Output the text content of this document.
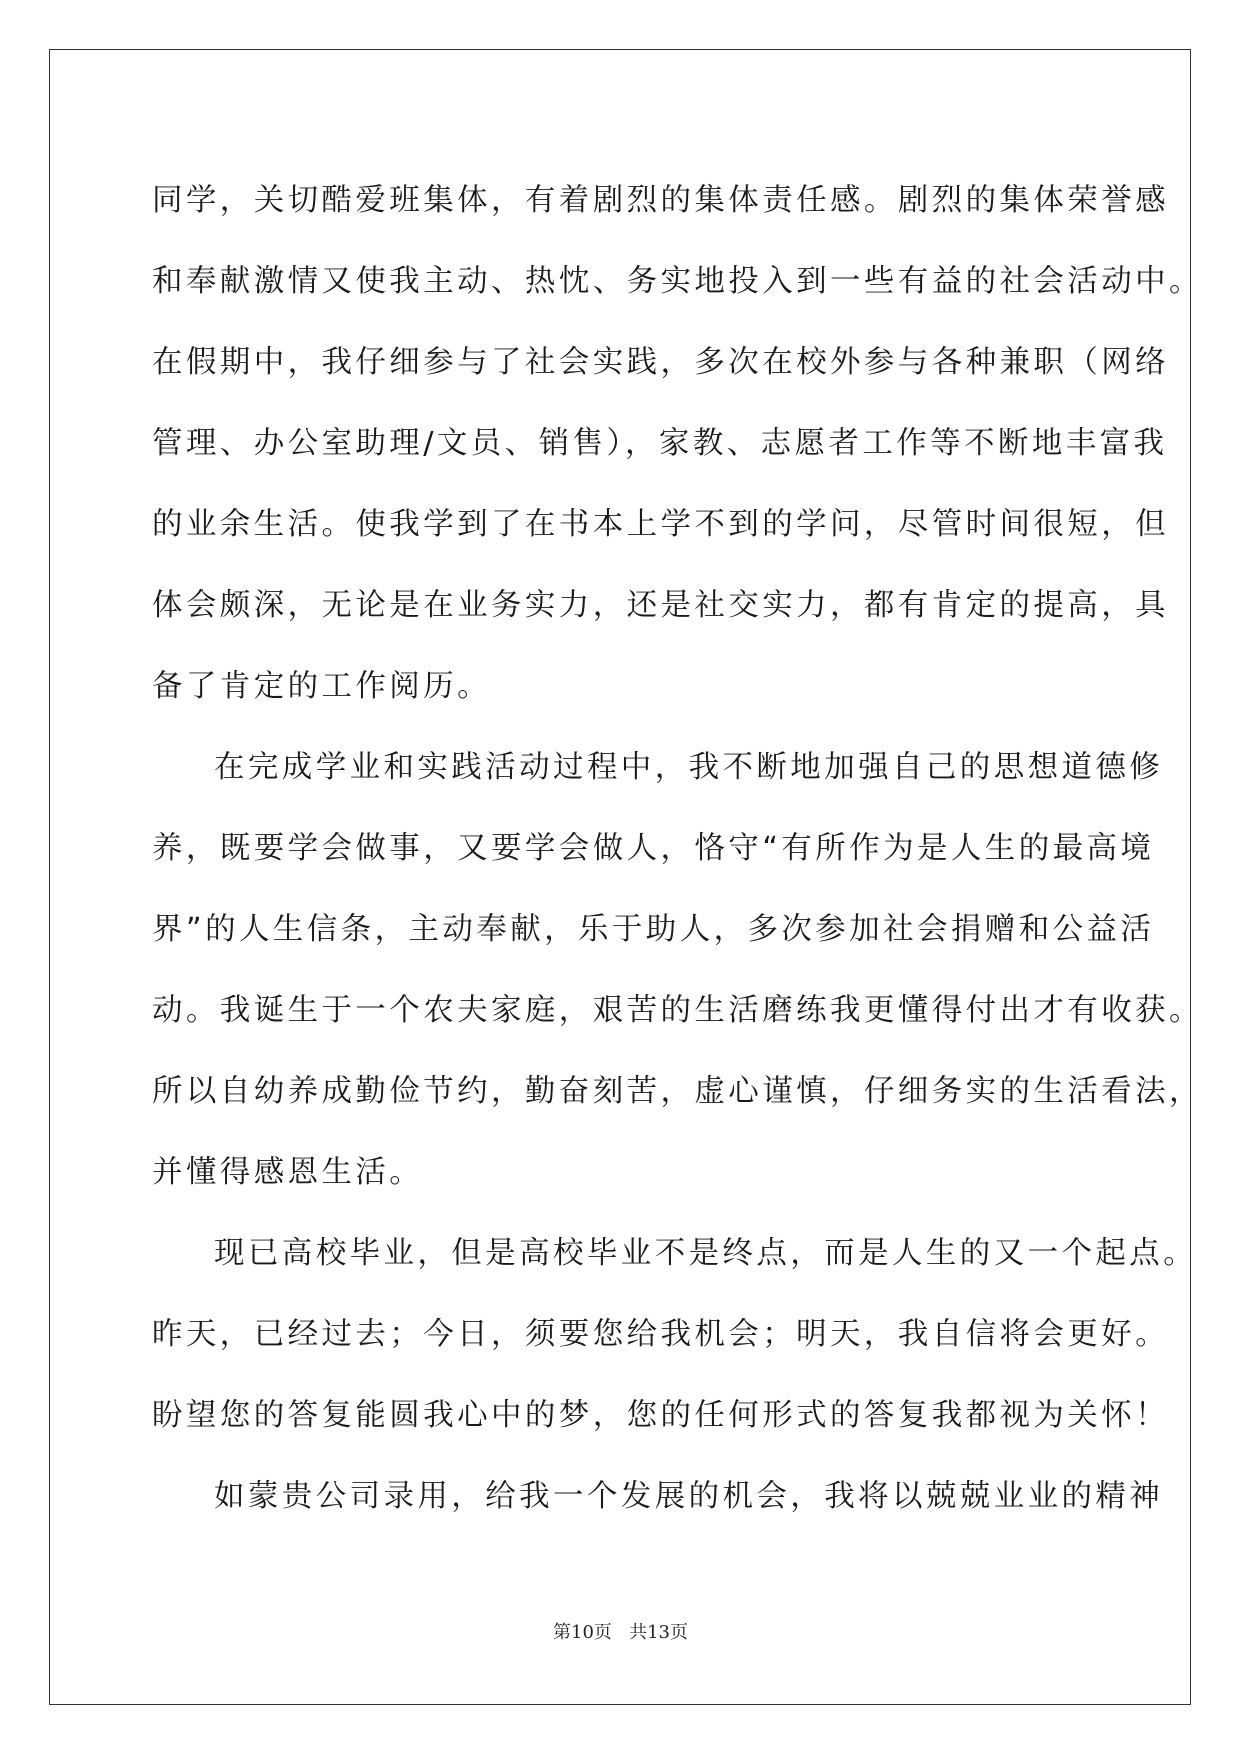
同学，关切酷爱班集体，有着剧烈的集体责任感。剧烈的集体荣誉感
和奉献激情又使我主动、热忱、务实地投入到一些有益的社会活动中。
在假期中，我仔细参与了社会实践，多次在校外参与各种兼职（网络
管理、办公室助理/文员、销售），家教、志愿者工作等不断地丰富我
的业余生活。使我学到了在书本上学不到的学问，尽管时间很短，但
体会颇深，无论是在业务实力，还是社交实力，都有肯定的提高，具
备了肯定的工作阅历。
在完成学业和实践活动过程中，我不断地加强自己的思想道德修
养，既要学会做事，又要学会做人，恪守“有所作为是人生的最高境
界”的人生信条，主动奉献，乐于助人，多次参加社会捐赠和公益活
动。我诞生于一个农夫家庭，艰苦的生活磨练我更懂得付出才有收获。
所以自幼养成勤俭节约，勤奋刻苦，虚心谨慎，仔细务实的生活看法，
并懂得感恩生活。
现已高校毕业，但是高校毕业不是终点，而是人生的又一个起点。
昨天，已经过去；今日，须要您给我机会；明天，我自信将会更好。
盼望您的答复能圆我心中的梦，您的任何形式的答复我都视为关怀！
如蒙贵公司录用，给我一个发展的机会，我将以兢兢业业的精神
第10页   共13页
